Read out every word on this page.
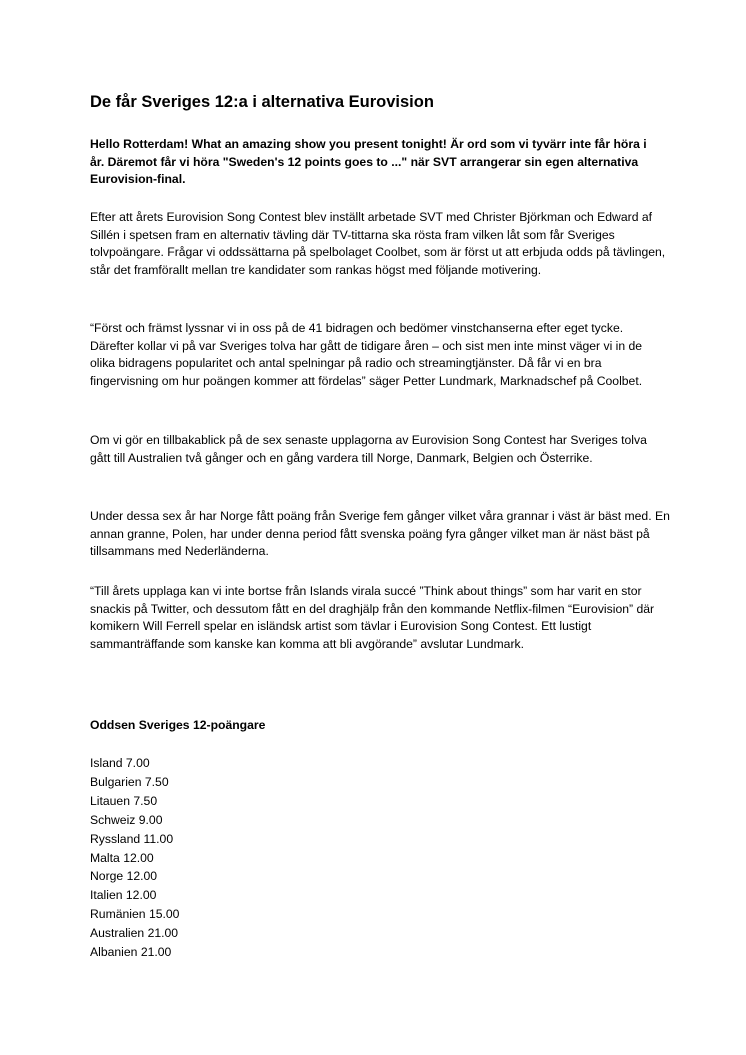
De får Sveriges 12:a i alternativa Eurovision

Hello Rotterdam! What an amazing show you present tonight! Är ord som vi tyvärr inte får höra i år. Däremot får vi höra "Sweden's 12 points goes to ..." när SVT arrangerar sin egen alternativa Eurovision-final.

Efter att årets Eurovision Song Contest blev inställt arbetade SVT med Christer Björkman och Edward af Sillén i spetsen fram en alternativ tävling där TV-tittarna ska rösta fram vilken låt som får Sveriges tolvpoängare. Frågar vi oddssättarna på spelbolaget Coolbet, som är först ut att erbjuda odds på tävlingen, står det framförallt mellan tre kandidater som rankas högst med följande motivering.

“Först och främst lyssnar vi in oss på de 41 bidragen och bedömer vinstchanserna efter eget tycke. Därefter kollar vi på var Sveriges tolva har gått de tidigare åren – och sist men inte minst väger vi in de olika bidragens popularitet och antal spelningar på radio och streamingtjänster. Då får vi en bra fingervisning om hur poängen kommer att fördelas” säger Petter Lundmark, Marknadschef på Coolbet.

Om vi gör en tillbakablick på de sex senaste upplagorna av Eurovision Song Contest har Sveriges tolva gått till Australien två gånger och en gång vardera till Norge, Danmark, Belgien och Österrike.

Under dessa sex år har Norge fått poäng från Sverige fem gånger vilket våra grannar i väst är bäst med. En annan granne, Polen, har under denna period fått svenska poäng fyra gånger vilket man är näst bäst på tillsammans med Nederländerna.

“Till årets upplaga kan vi inte bortse från Islands virala succé ”Think about things” som har varit en stor snackis på Twitter, och dessutom fått en del draghjälp från den kommande Netflix-filmen “Eurovision” där komikern Will Ferrell spelar en isländsk artist som tävlar i Eurovision Song Contest. Ett lustigt sammanträffande som kanske kan komma att bli avgörande” avslutar Lundmark.

Oddsen Sveriges 12-poängare
Island 7.00
Bulgarien 7.50
Litauen 7.50
Schweiz 9.00
Ryssland 11.00
Malta 12.00
Norge 12.00
Italien 12.00
Rumänien 15.00
Australien 21.00
Albanien 21.00
